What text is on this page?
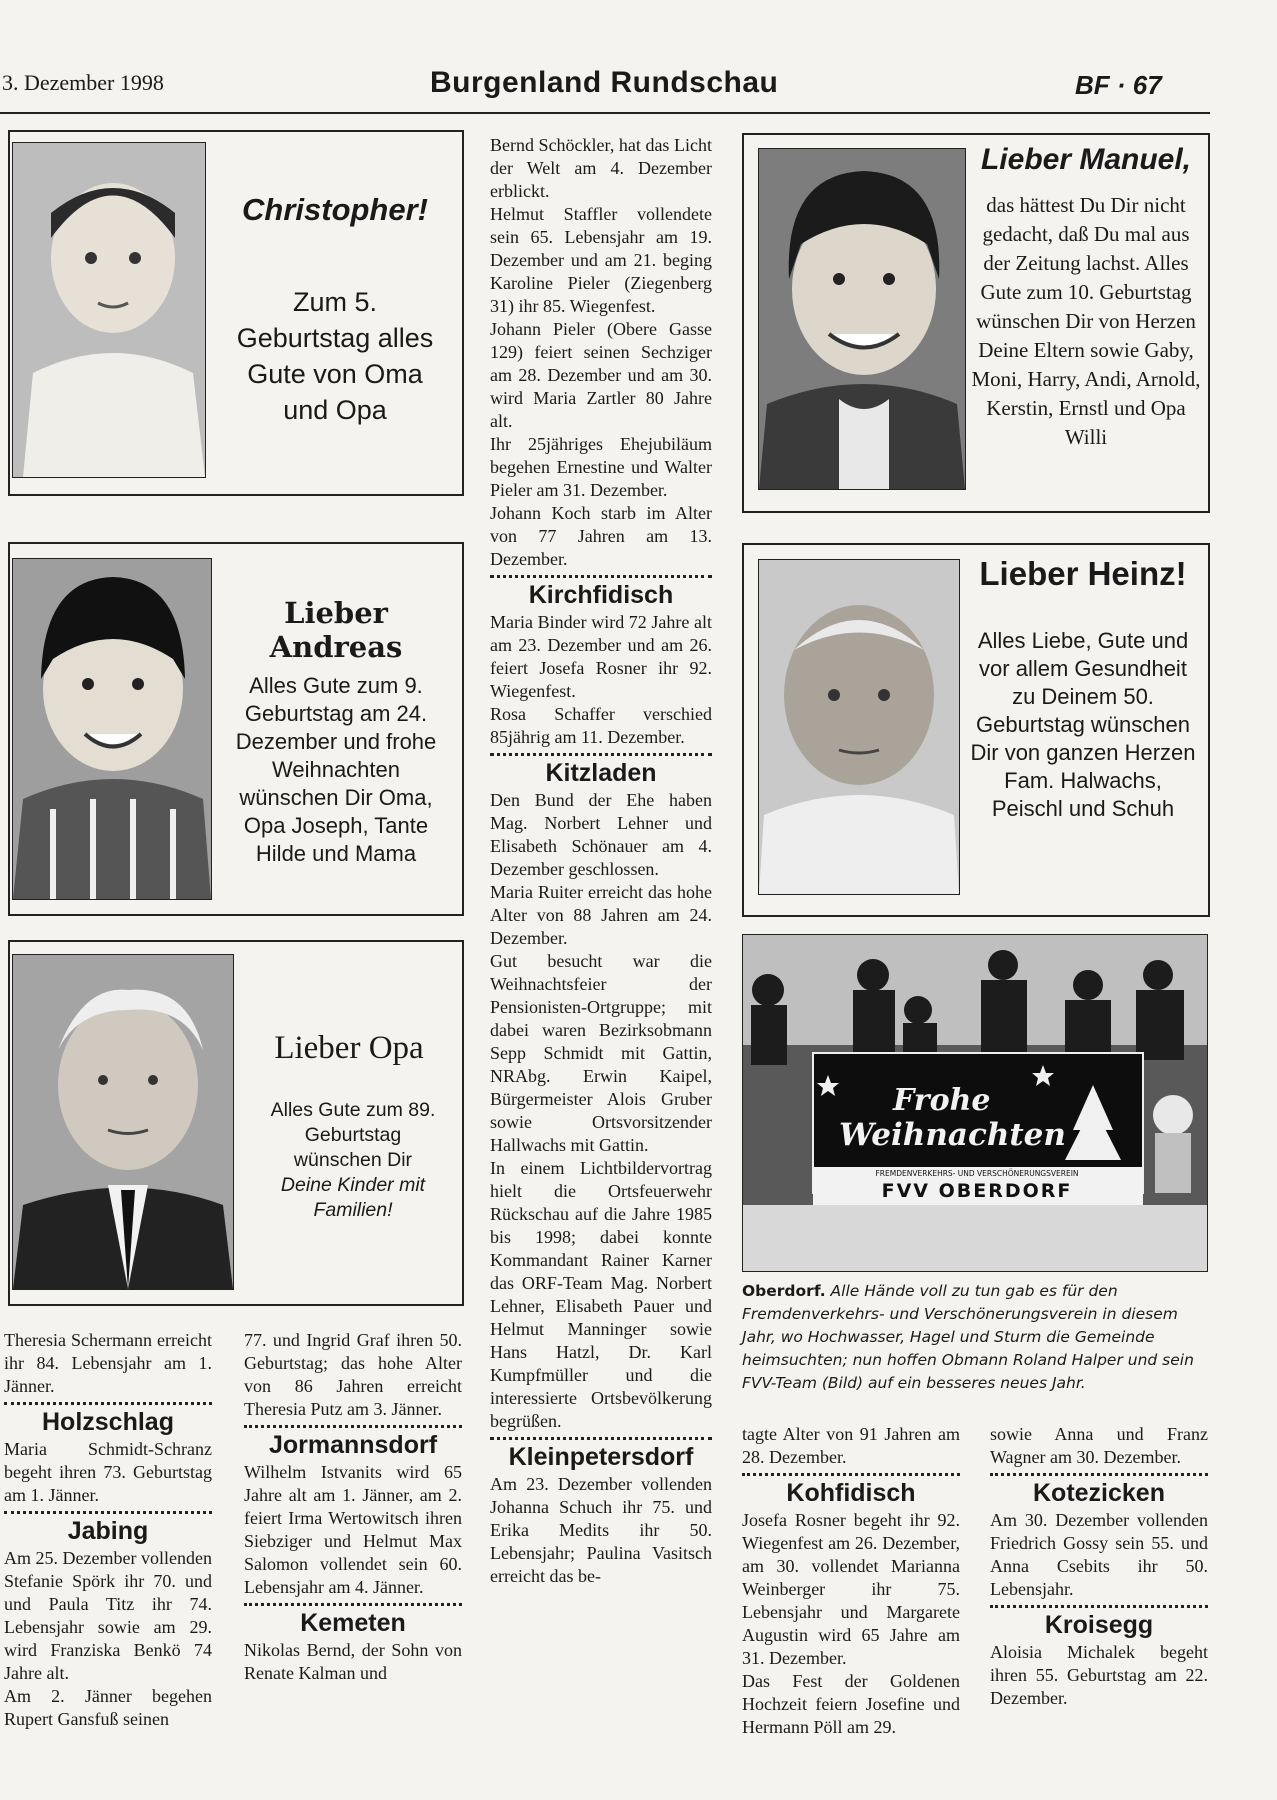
3. Dezember 1998	Burgenland Rundschau	BF · 67
Christopher!
Zum 5. Geburtstag alles Gute von Oma und Opa
Lieber Andreas
Alles Gute zum 9. Geburtstag am 24. Dezember und frohe Weihnachten wünschen Dir Oma, Opa Joseph, Tante Hilde und Mama
Lieber Opa
Alles Gute zum 89. Geburtstag wünschen Dir
Deine Kinder mit Familien!
Lieber Manuel,
das hättest Du Dir nicht gedacht, daß Du mal aus der Zeitung lachst. Alles Gute zum 10. Geburtstag wünschen Dir von Herzen Deine Eltern sowie Gaby, Moni, Harry, Andi, Arnold, Kerstin, Ernstl und Opa Willi
Lieber Heinz!
Alles Liebe, Gute und vor allem Gesundheit zu Deinem 50. Geburtstag wünschen Dir von ganzen Herzen Fam. Halwachs, Peischl und Schuh
Frohe
Weihnachten
FREMDENVERKEHRS- UND VERSCHÖNERUNGSVEREIN
FVV OBERDORF
Oberdorf. Alle Hände voll zu tun gab es für den Fremdenverkehrs- und Verschönerungsverein in diesem Jahr, wo Hochwasser, Hagel und Sturm die Gemeinde heimsuchten; nun hoffen Obmann Roland Halper und sein FVV-Team (Bild) auf ein besseres neues Jahr.

Bernd Schöckler, hat das Licht der Welt am 4. Dezember erblickt.

Helmut Staffler vollendete sein 65. Lebensjahr am 19. Dezember und am 21. beging Karoline Pieler (Ziegenberg 31) ihr 85. Wiegenfest.

Johann Pieler (Obere Gasse 129) feiert seinen Sechziger am 28. Dezember und am 30. wird Maria Zartler 80 Jahre alt.

Ihr 25jähriges Ehejubiläum begehen Ernestine und Walter Pieler am 31. Dezember.

Johann Koch starb im Alter von 77 Jahren am 13. Dezember.

Kirchfidisch

Maria Binder wird 72 Jahre alt am 23. Dezember und am 26. feiert Josefa Rosner ihr 92. Wiegenfest.

Rosa Schaffer verschied 85jährig am 11. Dezember.

Kitzladen

Den Bund der Ehe haben Mag. Norbert Lehner und Elisabeth Schönauer am 4. Dezember geschlossen.

Maria Ruiter erreicht das hohe Alter von 88 Jahren am 24. Dezember.

Gut besucht war die Weihnachtsfeier der Pensionisten-Ortgruppe; mit dabei waren Bezirksobmann Sepp Schmidt mit Gattin, NRAbg. Erwin Kaipel, Bürgermeister Alois Gruber sowie Ortsvorsitzender Hallwachs mit Gattin.

In einem Lichtbildervortrag hielt die Ortsfeuerwehr Rückschau auf die Jahre 1985 bis 1998; dabei konnte Kommandant Rainer Karner das ORF-Team Mag. Norbert Lehner, Elisabeth Pauer und Helmut Manninger sowie Hans Hatzl, Dr. Karl Kumpfmüller und die interessierte Ortsbevölkerung begrüßen.

Kleinpetersdorf

Am 23. Dezember vollenden Johanna Schuch ihr 75. und Erika Medits ihr 50. Lebensjahr; Paulina Vasitsch erreicht das be-

Theresia Schermann erreicht ihr 84. Lebensjahr am 1. Jänner.

Holzschlag

Maria Schmidt-Schranz begeht ihren 73. Geburtstag am 1. Jänner.

Jabing

Am 25. Dezember vollenden Stefanie Spörk ihr 70. und und Paula Titz ihr 74. Lebensjahr sowie am 29. wird Franziska Benkö 74 Jahre alt.

Am 2. Jänner begehen Rupert Gansfuß seinen

77. und Ingrid Graf ihren 50. Geburtstag; das hohe Alter von 86 Jahren erreicht Theresia Putz am 3. Jänner.

Jormannsdorf

Wilhelm Istvanits wird 65 Jahre alt am 1. Jänner, am 2. feiert Irma Wertowitsch ihren Siebziger und Helmut Max Salomon vollendet sein 60. Lebensjahr am 4. Jänner.

Kemeten

Nikolas Bernd, der Sohn von Renate Kalman und

tagte Alter von 91 Jahren am 28. Dezember.

Kohfidisch

Josefa Rosner begeht ihr 92. Wiegenfest am 26. Dezember, am 30. vollendet Marianna Weinberger ihr 75. Lebensjahr und Margarete Augustin wird 65 Jahre am 31. Dezember.

Das Fest der Goldenen Hochzeit feiern Josefine und Hermann Pöll am 29.

sowie Anna und Franz Wagner am 30. Dezember.

Kotezicken

Am 30. Dezember vollenden Friedrich Gossy sein 55. und Anna Csebits ihr 50. Lebensjahr.

Kroisegg

Aloisia Michalek begeht ihren 55. Geburtstag am 22. Dezember.
